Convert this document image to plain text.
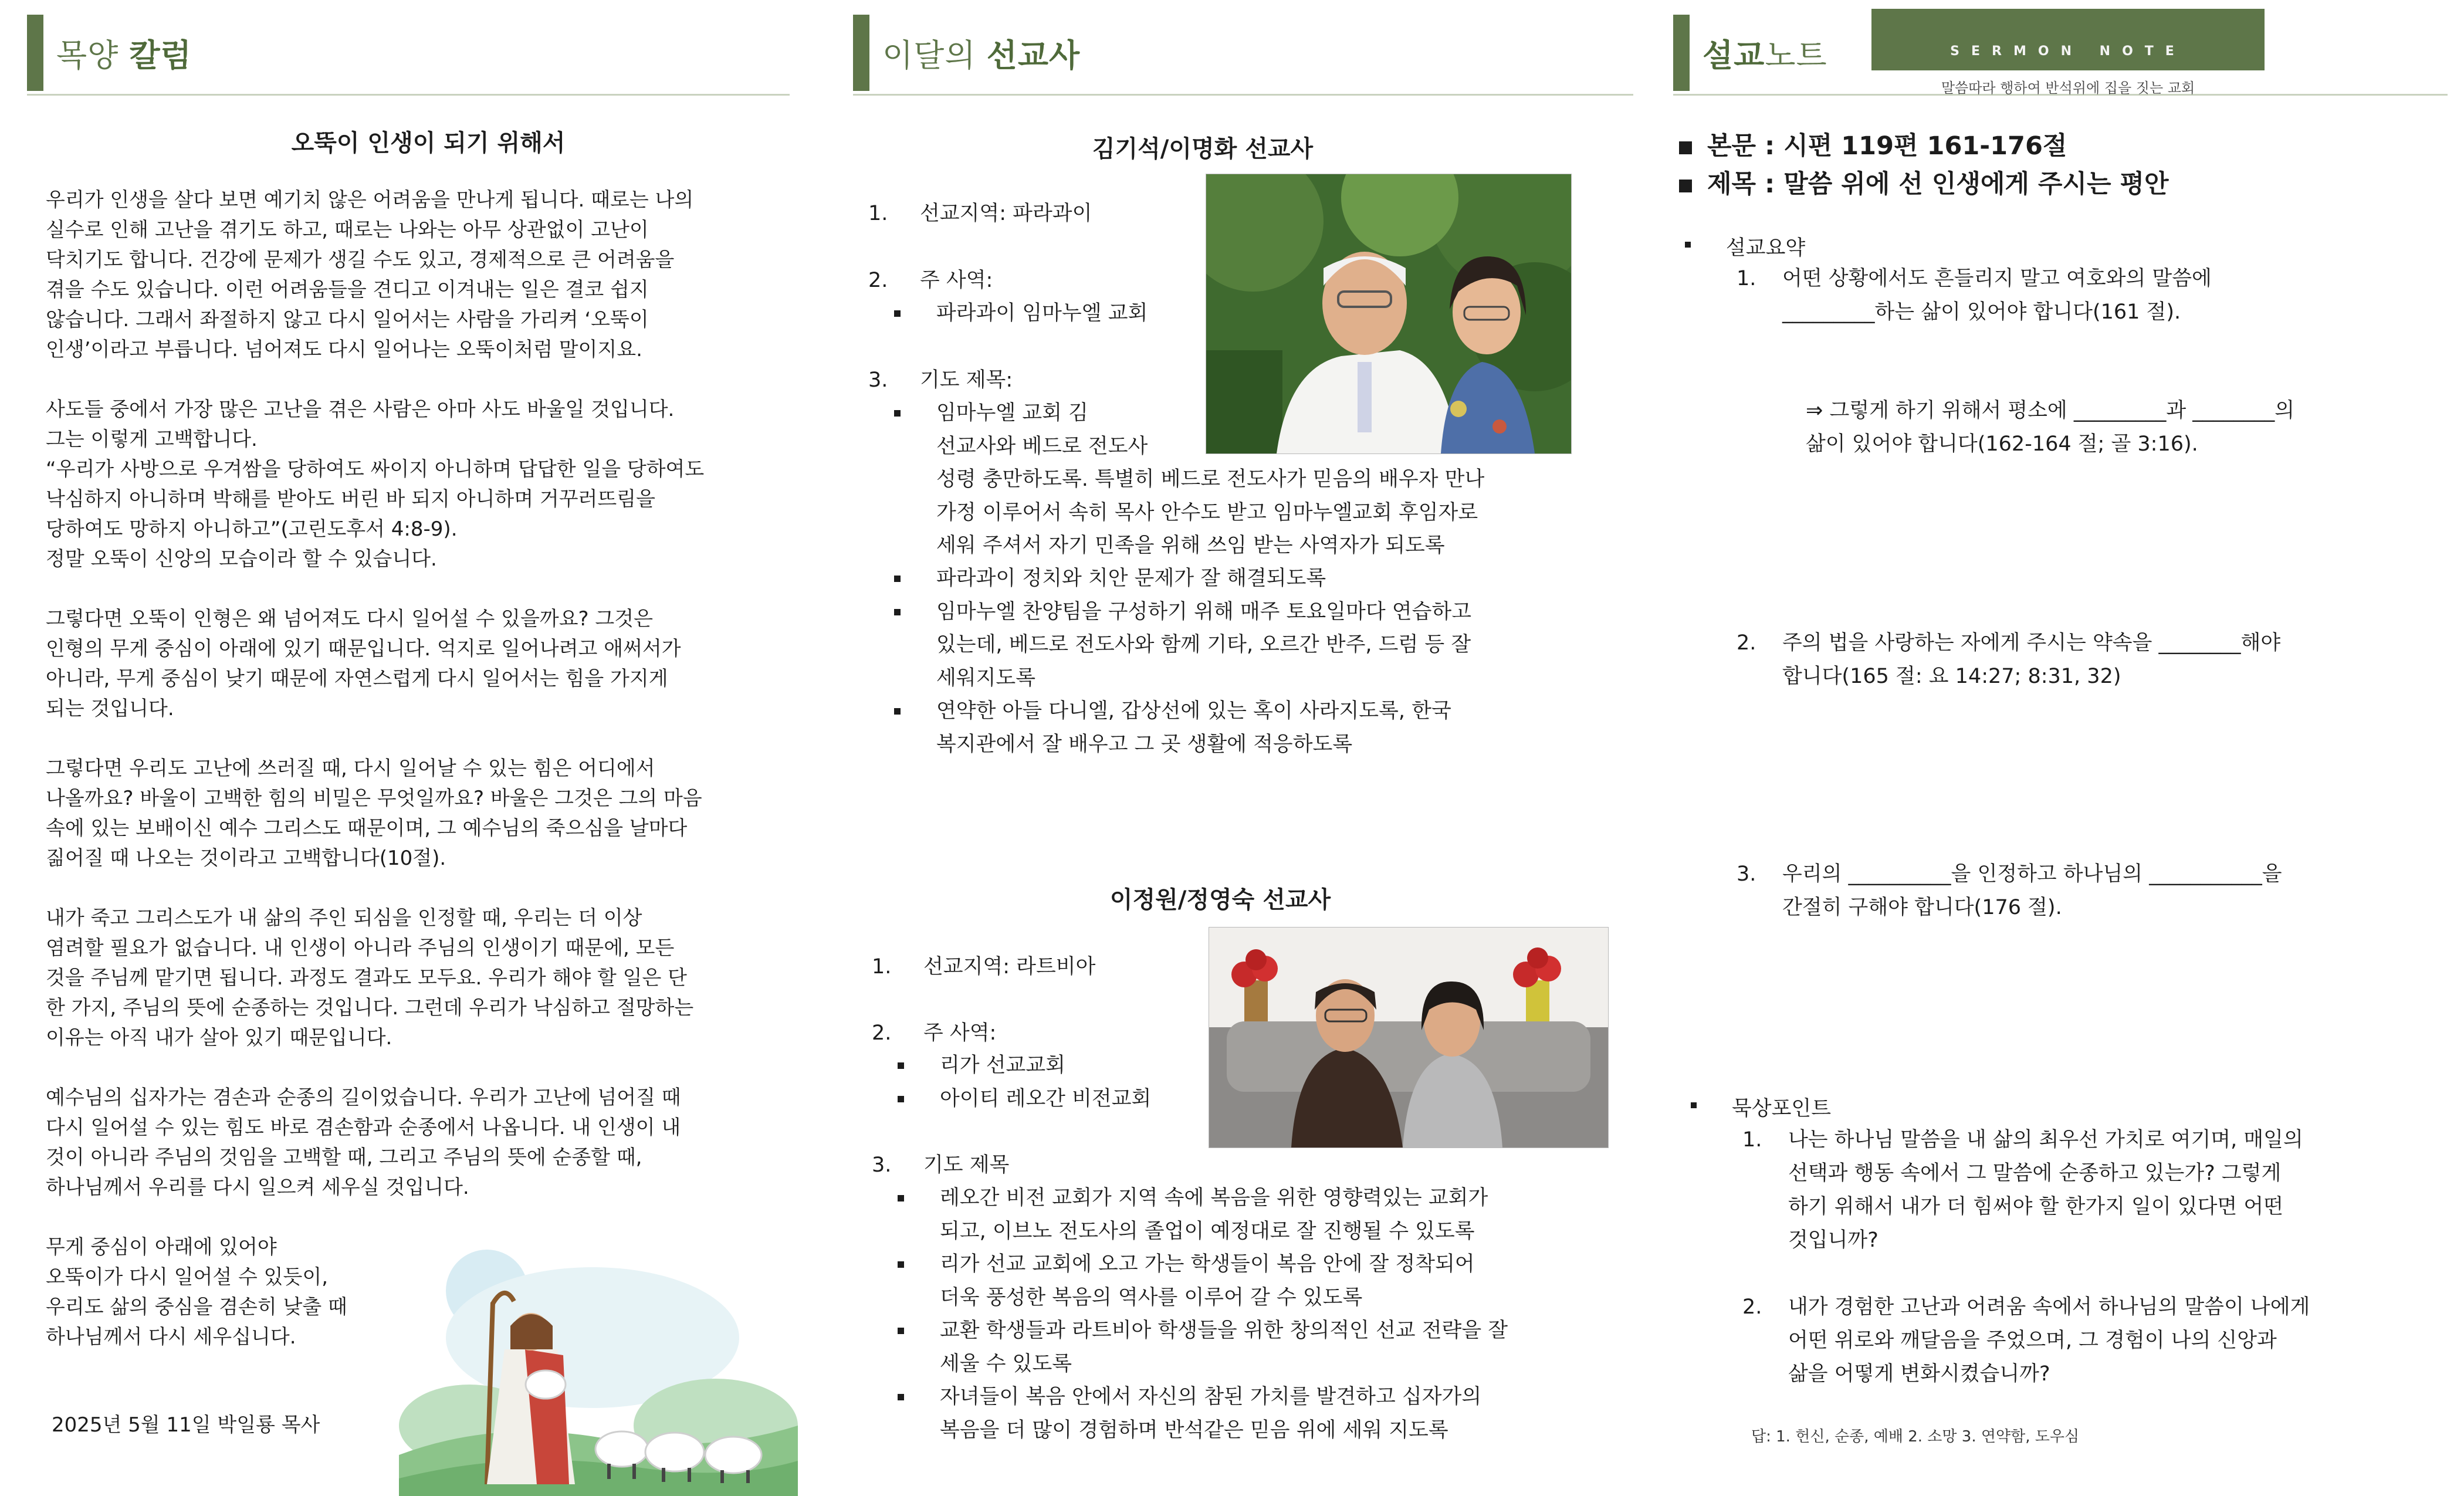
목양 칼럼
오뚝이 인생이 되기 위해서
우리가 인생을 살다 보면 예기치 않은 어려움을 만나게 됩니다. 때로는 나의
실수로 인해 고난을 겪기도 하고, 때로는 나와는 아무 상관없이 고난이
닥치기도 합니다. 건강에 문제가 생길 수도 있고, 경제적으로 큰 어려움을
겪을 수도 있습니다. 이런 어려움들을 견디고 이겨내는 일은 결코 쉽지
않습니다. 그래서 좌절하지 않고 다시 일어서는 사람을 가리켜 ‘오뚝이
인생’이라고 부릅니다. 넘어져도 다시 일어나는 오뚝이처럼 말이지요.
사도들 중에서 가장 많은 고난을 겪은 사람은 아마 사도 바울일 것입니다.
그는 이렇게 고백합니다.
“우리가 사방으로 우겨쌈을 당하여도 싸이지 아니하며 답답한 일을 당하여도
낙심하지 아니하며 박해를 받아도 버린 바 되지 아니하며 거꾸러뜨림을
당하여도 망하지 아니하고”(고린도후서 4:8-9).
정말 오뚝이 신앙의 모습이라 할 수 있습니다.
그렇다면 오뚝이 인형은 왜 넘어져도 다시 일어설 수 있을까요? 그것은
인형의 무게 중심이 아래에 있기 때문입니다. 억지로 일어나려고 애써서가
아니라, 무게 중심이 낮기 때문에 자연스럽게 다시 일어서는 힘을 가지게
되는 것입니다.
그렇다면 우리도 고난에 쓰러질 때, 다시 일어날 수 있는 힘은 어디에서
나올까요? 바울이 고백한 힘의 비밀은 무엇일까요? 바울은 그것은 그의 마음
속에 있는 보배이신 예수 그리스도 때문이며, 그 예수님의 죽으심을 날마다
짊어질 때 나오는 것이라고 고백합니다(10절).
내가 죽고 그리스도가 내 삶의 주인 되심을 인정할 때, 우리는 더 이상
염려할 필요가 없습니다. 내 인생이 아니라 주님의 인생이기 때문에, 모든
것을 주님께 맡기면 됩니다. 과정도 결과도 모두요. 우리가 해야 할 일은 단
한 가지, 주님의 뜻에 순종하는 것입니다. 그런데 우리가 낙심하고 절망하는
이유는 아직 내가 살아 있기 때문입니다.
예수님의 십자가는 겸손과 순종의 길이었습니다. 우리가 고난에 넘어질 때
다시 일어설 수 있는 힘도 바로 겸손함과 순종에서 나옵니다. 내 인생이 내
것이 아니라 주님의 것임을 고백할 때, 그리고 주님의 뜻에 순종할 때,
하나님께서 우리를 다시 일으켜 세우실 것입니다.
무게 중심이 아래에 있어야
오뚝이가 다시 일어설 수 있듯이,
우리도 삶의 중심을 겸손히 낮출 때
하나님께서 다시 세우십니다.
2025년 5월 11일 박일룡 목사
이달의 선교사
김기석/이명화 선교사
1. 선교지역: 파라과이
2. 주 사역:
파라과이 임마누엘 교회
3. 기도 제목:
임마누엘 교회 김
선교사와 베드로 전도사
성령 충만하도록. 특별히 베드로 전도사가 믿음의 배우자 만나
가정 이루어서 속히 목사 안수도 받고 임마누엘교회 후임자로
세워 주셔서 자기 민족을 위해 쓰임 받는 사역자가 되도록
파라과이 정치와 치안 문제가 잘 해결되도록
임마누엘 찬양팀을 구성하기 위해 매주 토요일마다 연습하고
있는데, 베드로 전도사와 함께 기타, 오르간 반주, 드럼 등 잘
세워지도록
연약한 아들 다니엘, 갑상선에 있는 혹이 사라지도록, 한국
복지관에서 잘 배우고 그 곳 생활에 적응하도록
이정원/정영숙 선교사
1. 선교지역: 라트비아
2. 주 사역:
리가 선교교회
아이티 레오간 비전교회
3. 기도 제목
레오간 비전 교회가 지역 속에 복음을 위한 영향력있는 교회가
되고, 이브노 전도사의 졸업이 예정대로 잘 진행될 수 있도록
리가 선교 교회에 오고 가는 학생들이 복음 안에 잘 정착되어
더욱 풍성한 복음의 역사를 이루어 갈 수 있도록
교환 학생들과 라트비아 학생들을 위한 창의적인 선교 전략을 잘
세울 수 있도록
자녀들이 복음 안에서 자신의 참된 가치를 발견하고 십자가의
복음을 더 많이 경험하며 반석같은 믿음 위에 세워 지도록
설교노트	SERMON NOTE
말씀따라 행하여 반석위에 집을 짓는 교회
본문 : 시편 119편 161-176절
제목 : 말씀 위에 선 인생에게 주시는 평안
설교요약
1. 어떤 상황에서도 흔들리지 말고 여호와의 말씀에
_________하는 삶이 있어야 합니다(161 절).
⇒ 그렇게 하기 위해서 평소에 _________과 ________의
삶이 있어야 합니다(162-164 절; 골 3:16).
2. 주의 법을 사랑하는 자에게 주시는 약속을 ________해야
합니다(165 절: 요 14:27; 8:31, 32)
3. 우리의 __________을 인정하고 하나님의 ___________을
간절히 구해야 합니다(176 절).
묵상포인트
1. 나는 하나님 말씀을 내 삶의 최우선 가치로 여기며, 매일의
선택과 행동 속에서 그 말씀에 순종하고 있는가? 그렇게
하기 위해서 내가 더 힘써야 할 한가지 일이 있다면 어떤
것입니까?
2. 내가 경험한 고난과 어려움 속에서 하나님의 말씀이 나에게
어떤 위로와 깨달음을 주었으며, 그 경험이 나의 신앙과
삶을 어떻게 변화시켰습니까?
답: 1. 헌신, 순종, 예배 2. 소망 3. 연약함, 도우심
